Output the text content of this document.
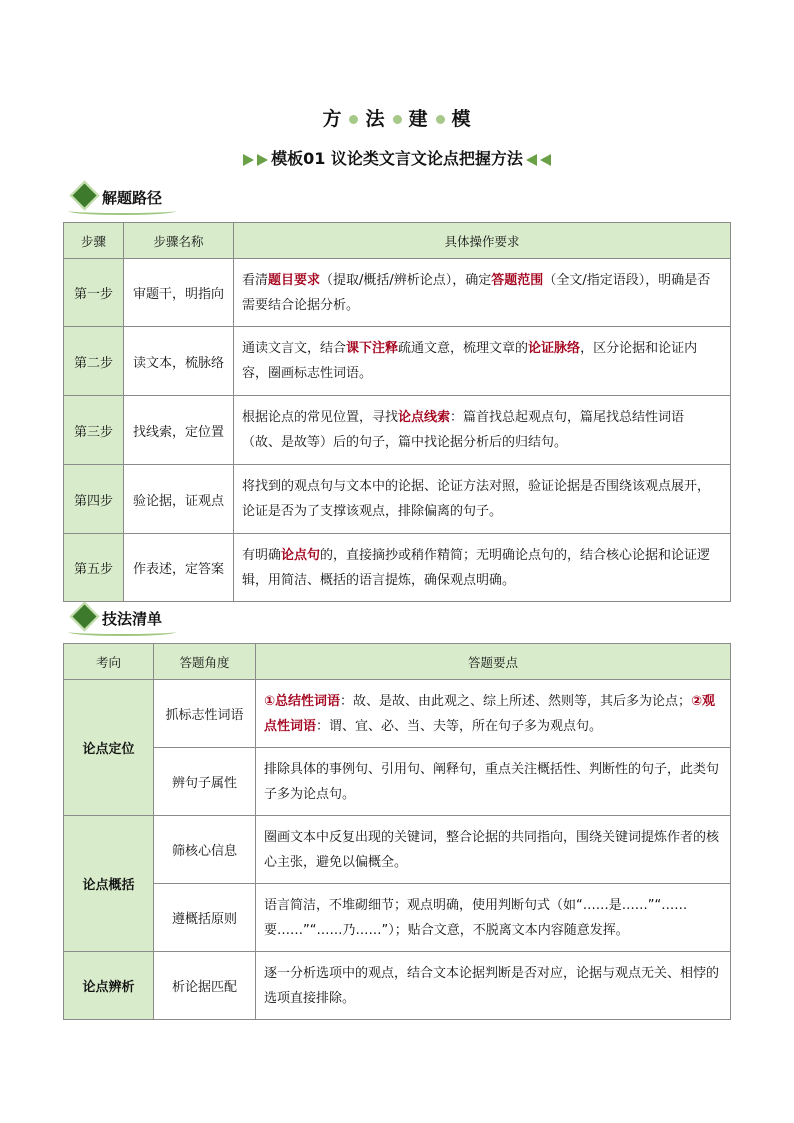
方 法 建 模
模板01 议论类文言文论点把握方法
解题路径
步骤	步骤名称	具体操作要求
第一步	审题干，明指向	看清题目要求（提取/概括/辨析论点），确定答题范围（全文/指定语段），明确是否需要结合论据分析。
第二步	读文本，梳脉络	通读文言文，结合课下注释疏通文意，梳理文章的论证脉络，区分论据和论证内容，圈画标志性词语。
第三步	找线索，定位置	根据论点的常见位置，寻找论点线索：篇首找总起观点句，篇尾找总结性词语（故、是故等）后的句子，篇中找论据分析后的归结句。
第四步	验论据，证观点	将找到的观点句与文本中的论据、论证方法对照，验证论据是否围绕该观点展开，论证是否为了支撑该观点，排除偏离的句子。
第五步	作表述，定答案	有明确论点句的，直接摘抄或稍作精简；无明确论点句的，结合核心论据和论证逻辑，用简洁、概括的语言提炼，确保观点明确。
技法清单
考向	答题角度	答题要点
论点定位	抓标志性词语	①总结性词语：故、是故、由此观之、综上所述、然则等，其后多为论点；②观点性词语：谓、宜、必、当、夫等，所在句子多为观点句。
	辨句子属性	排除具体的事例句、引用句、阐释句，重点关注概括性、判断性的句子，此类句子多为论点句。
论点概括	筛核心信息	圈画文本中反复出现的关键词，整合论据的共同指向，围绕关键词提炼作者的核心主张，避免以偏概全。
	遵概括原则	语言简洁，不堆砌细节；观点明确，使用判断句式（如“……是……”“……要……”“……乃……”）；贴合文意，不脱离文本内容随意发挥。
论点辨析	析论据匹配	逐一分析选项中的观点，结合文本论据判断是否对应，论据与观点无关、相悖的选项直接排除。
